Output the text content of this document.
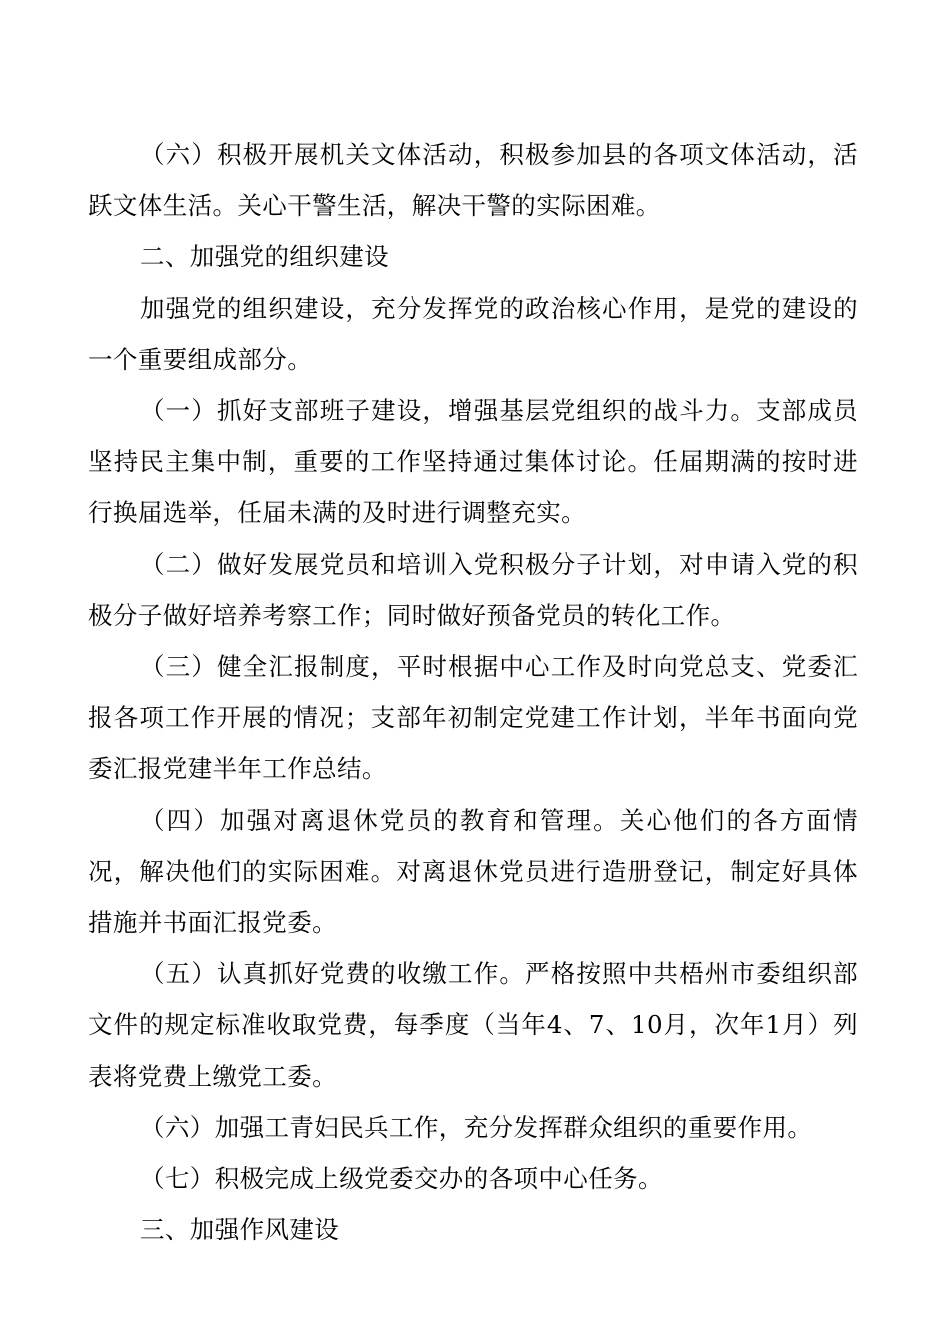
（六）积极开展机关文体活动，积极参加县的各项文体活动，活跃文体生活。关心干警生活，解决干警的实际困难。

二、加强党的组织建设

加强党的组织建设，充分发挥党的政治核心作用，是党的建设的一个重要组成部分。

（一）抓好支部班子建设，增强基层党组织的战斗力。支部成员坚持民主集中制，重要的工作坚持通过集体讨论。任届期满的按时进行换届选举，任届未满的及时进行调整充实。

（二）做好发展党员和培训入党积极分子计划，对申请入党的积极分子做好培养考察工作；同时做好预备党员的转化工作。

（三）健全汇报制度，平时根据中心工作及时向党总支、党委汇报各项工作开展的情况；支部年初制定党建工作计划，半年书面向党委汇报党建半年工作总结。

（四）加强对离退休党员的教育和管理。关心他们的各方面情况，解决他们的实际困难。对离退休党员进行造册登记，制定好具体措施并书面汇报党委。

（五）认真抓好党费的收缴工作。严格按照中共梧州市委组织部文件的规定标准收取党费，每季度（当年4、7、10月，次年1月）列表将党费上缴党工委。

（六）加强工青妇民兵工作，充分发挥群众组织的重要作用。

（七）积极完成上级党委交办的各项中心任务。

三、加强作风建设
